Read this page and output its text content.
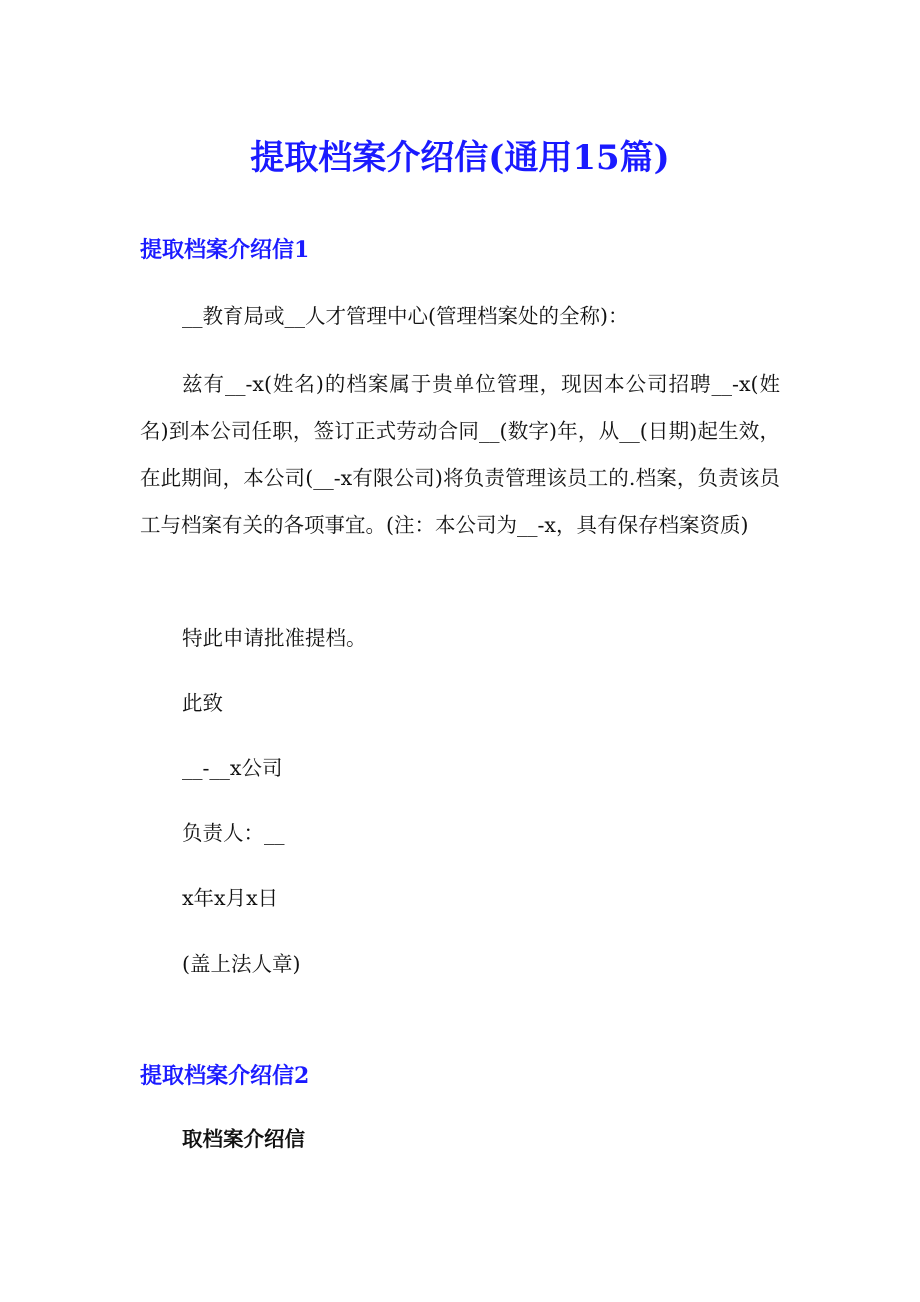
提取档案介绍信(通用15篇)
提取档案介绍信1

__教育局或__人才管理中心(管理档案处的全称)：

兹有__-x(姓名)的档案属于贵单位管理，现因本公司招聘__-x(姓名)到本公司任职，签订正式劳动合同__(数字)年，从__(日期)起生效，在此期间，本公司(__-x有限公司)将负责管理该员工的.档案，负责该员工与档案有关的各项事宜。(注：本公司为__-x，具有保存档案资质)

特此申请批准提档。

此致

__-__x公司

负责人：__

x年x月x日

(盖上法人章)

提取档案介绍信2

取档案介绍信
